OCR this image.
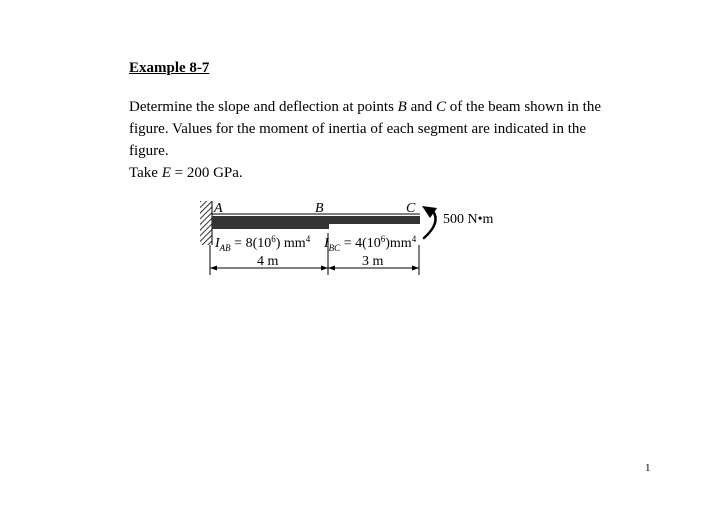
Example 8-7

Determine the slope and deflection at points B and C of the beam shown in the figure. Values for the moment of inertia of each segment are indicated in the figure.

Take E = 200 GPa.

A	B	C
500 N•m
$I_{AB} = 8(10^6)$ $mm^4$ $I_{BC} = 4(10^6)mm^4$
4 m	3 m
1
